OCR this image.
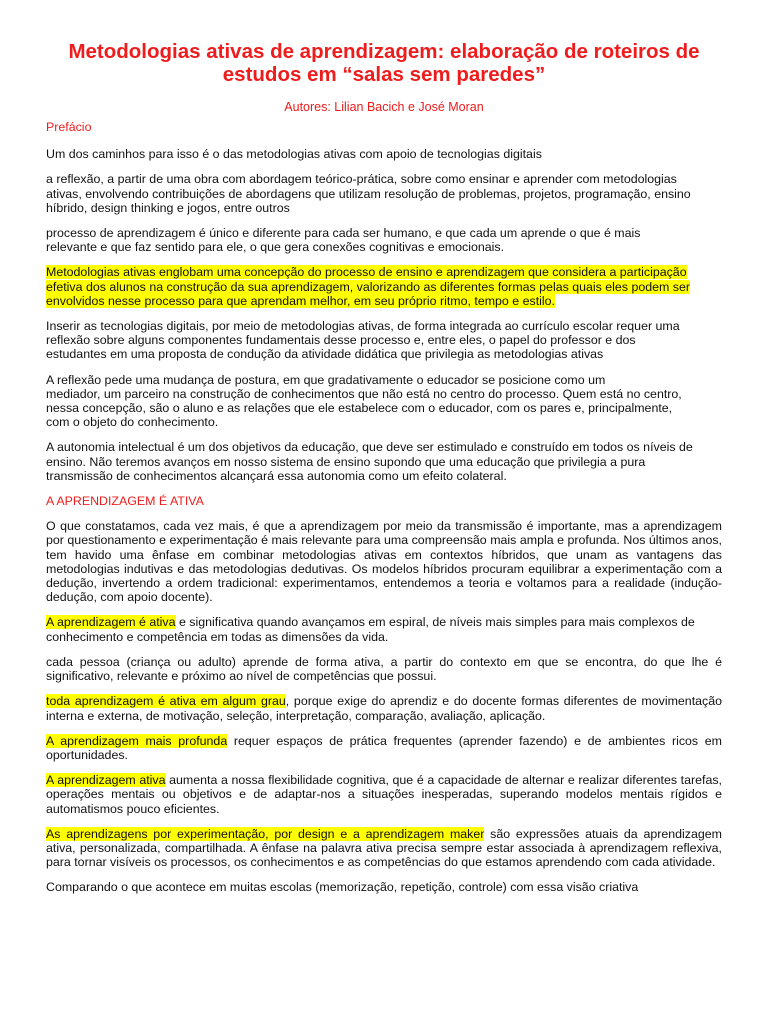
Metodologias ativas de aprendizagem: elaboração de roteiros de estudos em “salas sem paredes”
Autores: Lilian Bacich e José Moran
Prefácio
Um dos caminhos para isso é o das metodologias ativas com apoio de tecnologias digitais
a reflexão, a partir de uma obra com abordagem teórico-prática, sobre como ensinar e aprender com metodologias
ativas, envolvendo contribuições de abordagens que utilizam resolução de problemas, projetos, programação, ensino
híbrido, design thinking e jogos, entre outros
processo de aprendizagem é único e diferente para cada ser humano, e que cada um aprende o que é mais
relevante e que faz sentido para ele, o que gera conexões cognitivas e emocionais.
Metodologias ativas englobam uma concepção do processo de ensino e aprendizagem que considera a participação
efetiva dos alunos na construção da sua aprendizagem, valorizando as diferentes formas pelas quais eles podem ser
envolvidos nesse processo para que aprendam melhor, em seu próprio ritmo, tempo e estilo.
Inserir as tecnologias digitais, por meio de metodologias ativas, de forma integrada ao currículo escolar requer uma
reflexão sobre alguns componentes fundamentais desse processo e, entre eles, o papel do professor e dos
estudantes em uma proposta de condução da atividade didática que privilegia as metodologias ativas
A reflexão pede uma mudança de postura, em que gradativamente o educador se posicione como um
mediador, um parceiro na construção de conhecimentos que não está no centro do processo. Quem está no centro,
nessa concepção, são o aluno e as relações que ele estabelece com o educador, com os pares e, principalmente,
com o objeto do conhecimento.
A autonomia intelectual é um dos objetivos da educação, que deve ser estimulado e construído em todos os níveis de
ensino. Não teremos avanços em nosso sistema de ensino supondo que uma educação que privilegia a pura
transmissão de conhecimentos alcançará essa autonomia como um efeito colateral.
A APRENDIZAGEM É ATIVA
O que constatamos, cada vez mais, é que a aprendizagem por meio da transmissão é importante, mas a aprendizagem por questionamento e experimentação é mais relevante para uma compreensão mais ampla e profunda. Nos últimos anos, tem havido uma ênfase em combinar metodologias ativas em contextos híbridos, que unam as vantagens das metodologias indutivas e das metodologias dedutivas. Os modelos híbridos procuram equilibrar a experimentação com a dedução, invertendo a ordem tradicional: experimentamos, entendemos a teoria e voltamos para a realidade (indução-dedução, com apoio docente).
A aprendizagem é ativa e significativa quando avançamos em espiral, de níveis mais simples para mais complexos de
conhecimento e competência em todas as dimensões da vida.
cada pessoa (criança ou adulto) aprende de forma ativa, a partir do contexto em que se encontra, do que lhe é significativo, relevante e próximo ao nível de competências que possui.
toda aprendizagem é ativa em algum grau, porque exige do aprendiz e do docente formas diferentes de movimentação interna e externa, de motivação, seleção, interpretação, comparação, avaliação, aplicação.
A aprendizagem mais profunda requer espaços de prática frequentes (aprender fazendo) e de ambientes ricos em oportunidades.
A aprendizagem ativa aumenta a nossa flexibilidade cognitiva, que é a capacidade de alternar e realizar diferentes tarefas, operações mentais ou objetivos e de adaptar-nos a situações inesperadas, superando modelos mentais rígidos e automatismos pouco eficientes.
As aprendizagens por experimentação, por design e a aprendizagem maker são expressões atuais da aprendizagem ativa, personalizada, compartilhada. A ênfase na palavra ativa precisa sempre estar associada à aprendizagem reflexiva, para tornar visíveis os processos, os conhecimentos e as competências do que estamos aprendendo com cada atividade.
Comparando o que acontece em muitas escolas (memorização, repetição, controle) com essa visão criativa
